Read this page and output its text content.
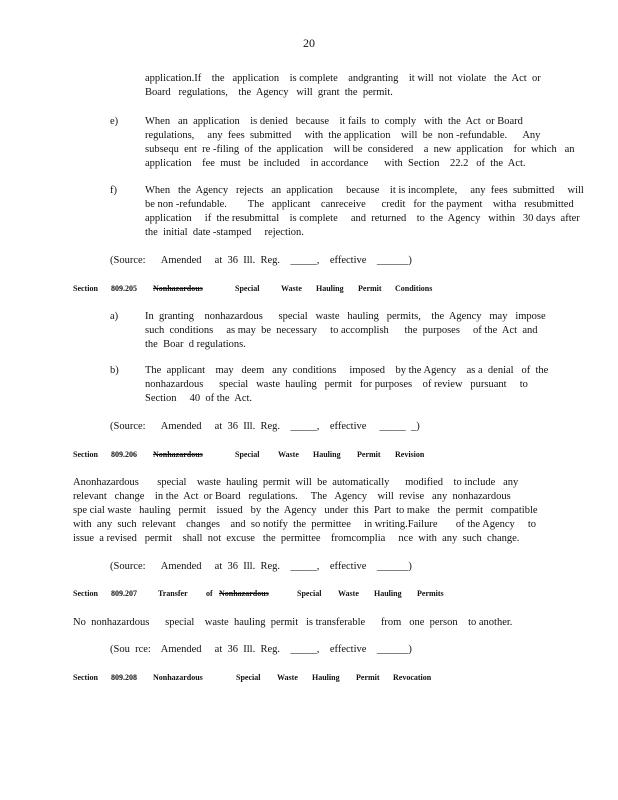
20
application.If    the   application    is complete    andgranting    it will  not  violate   the  Act  or
Board   regulations,    the  Agency   will  grant  the  permit.
e)	When   an  application    is denied   because    it fails  to  comply   with  the  Act  or Board
regulations,     any  fees  submitted     with  the application    will  be  non -refundable.      Any
subsequ  ent  re -filing  of  the  application    will be  considered    a  new  application    for  which   an
application    fee  must   be  included    in accordance      with  Section    22.2   of  the  Act.
f)	When   the  Agency   rejects   an  application     because    it is incomplete,     any  fees  submitted     will
be non -refundable.        The   applicant    canreceive      credit   for  the payment    witha   resubmitted
application     if  the resubmittal    is complete     and  returned    to  the  Agency   within   30 days  after
the  initial  date -stamped     rejection.
(Source:      Amended     at  36  Ill.  Reg.    _____,    effective    ______)
Section 809.205 Nonhazardous	Special	Waste Hauling Permit Conditions
a)	In  granting    nonhazardous      special   waste   hauling   permits,    the  Agency   may   impose
such  conditions     as may  be  necessary     to accomplish      the  purposes     of the  Act  and
the  Boar  d regulations.
b)	The  applicant    may   deem   any  conditions     imposed    by the Agency    as a  denial   of  the
nonhazardous      special   waste  hauling   permit   for purposes    of review   pursuant     to
Section     40  of the  Act.
(Source:      Amended     at  36  Ill.  Reg.    _____,    effective     _____  _)
Section 809.206 Nonhazardous	Special Waste Hauling Permit Revision
Anonhazardous       special    waste  hauling  permit  will  be  automatically      modified    to include   any
relevant   change    in the  Act  or Board   regulations.     The   Agency    will  revise   any  nonhazardous
spe cial waste   hauling   permit    issued   by  the  Agency   under  this  Part  to make   the  permit   compatible
with  any  such  relevant    changes    and  so notify  the  permittee     in writing.Failure       of the Agency     to
issue  a revised   permit    shall  not  excuse   the  permittee    fromcomplia     nce  with  any  such  change.
(Source:      Amended     at  36  Ill.  Reg.    _____,    effective    ______)
Section 809.207	Transfer of Nonhazardous	Special Waste Hauling Permits
No  nonhazardous      special    waste  hauling  permit   is transferable      from   one  person    to another.
(Sou  rce:    Amended     at  36  Ill.  Reg.    _____,    effective    ______)
Section 809.208 Nonhazardous	Special Waste Hauling Permit Revocation
